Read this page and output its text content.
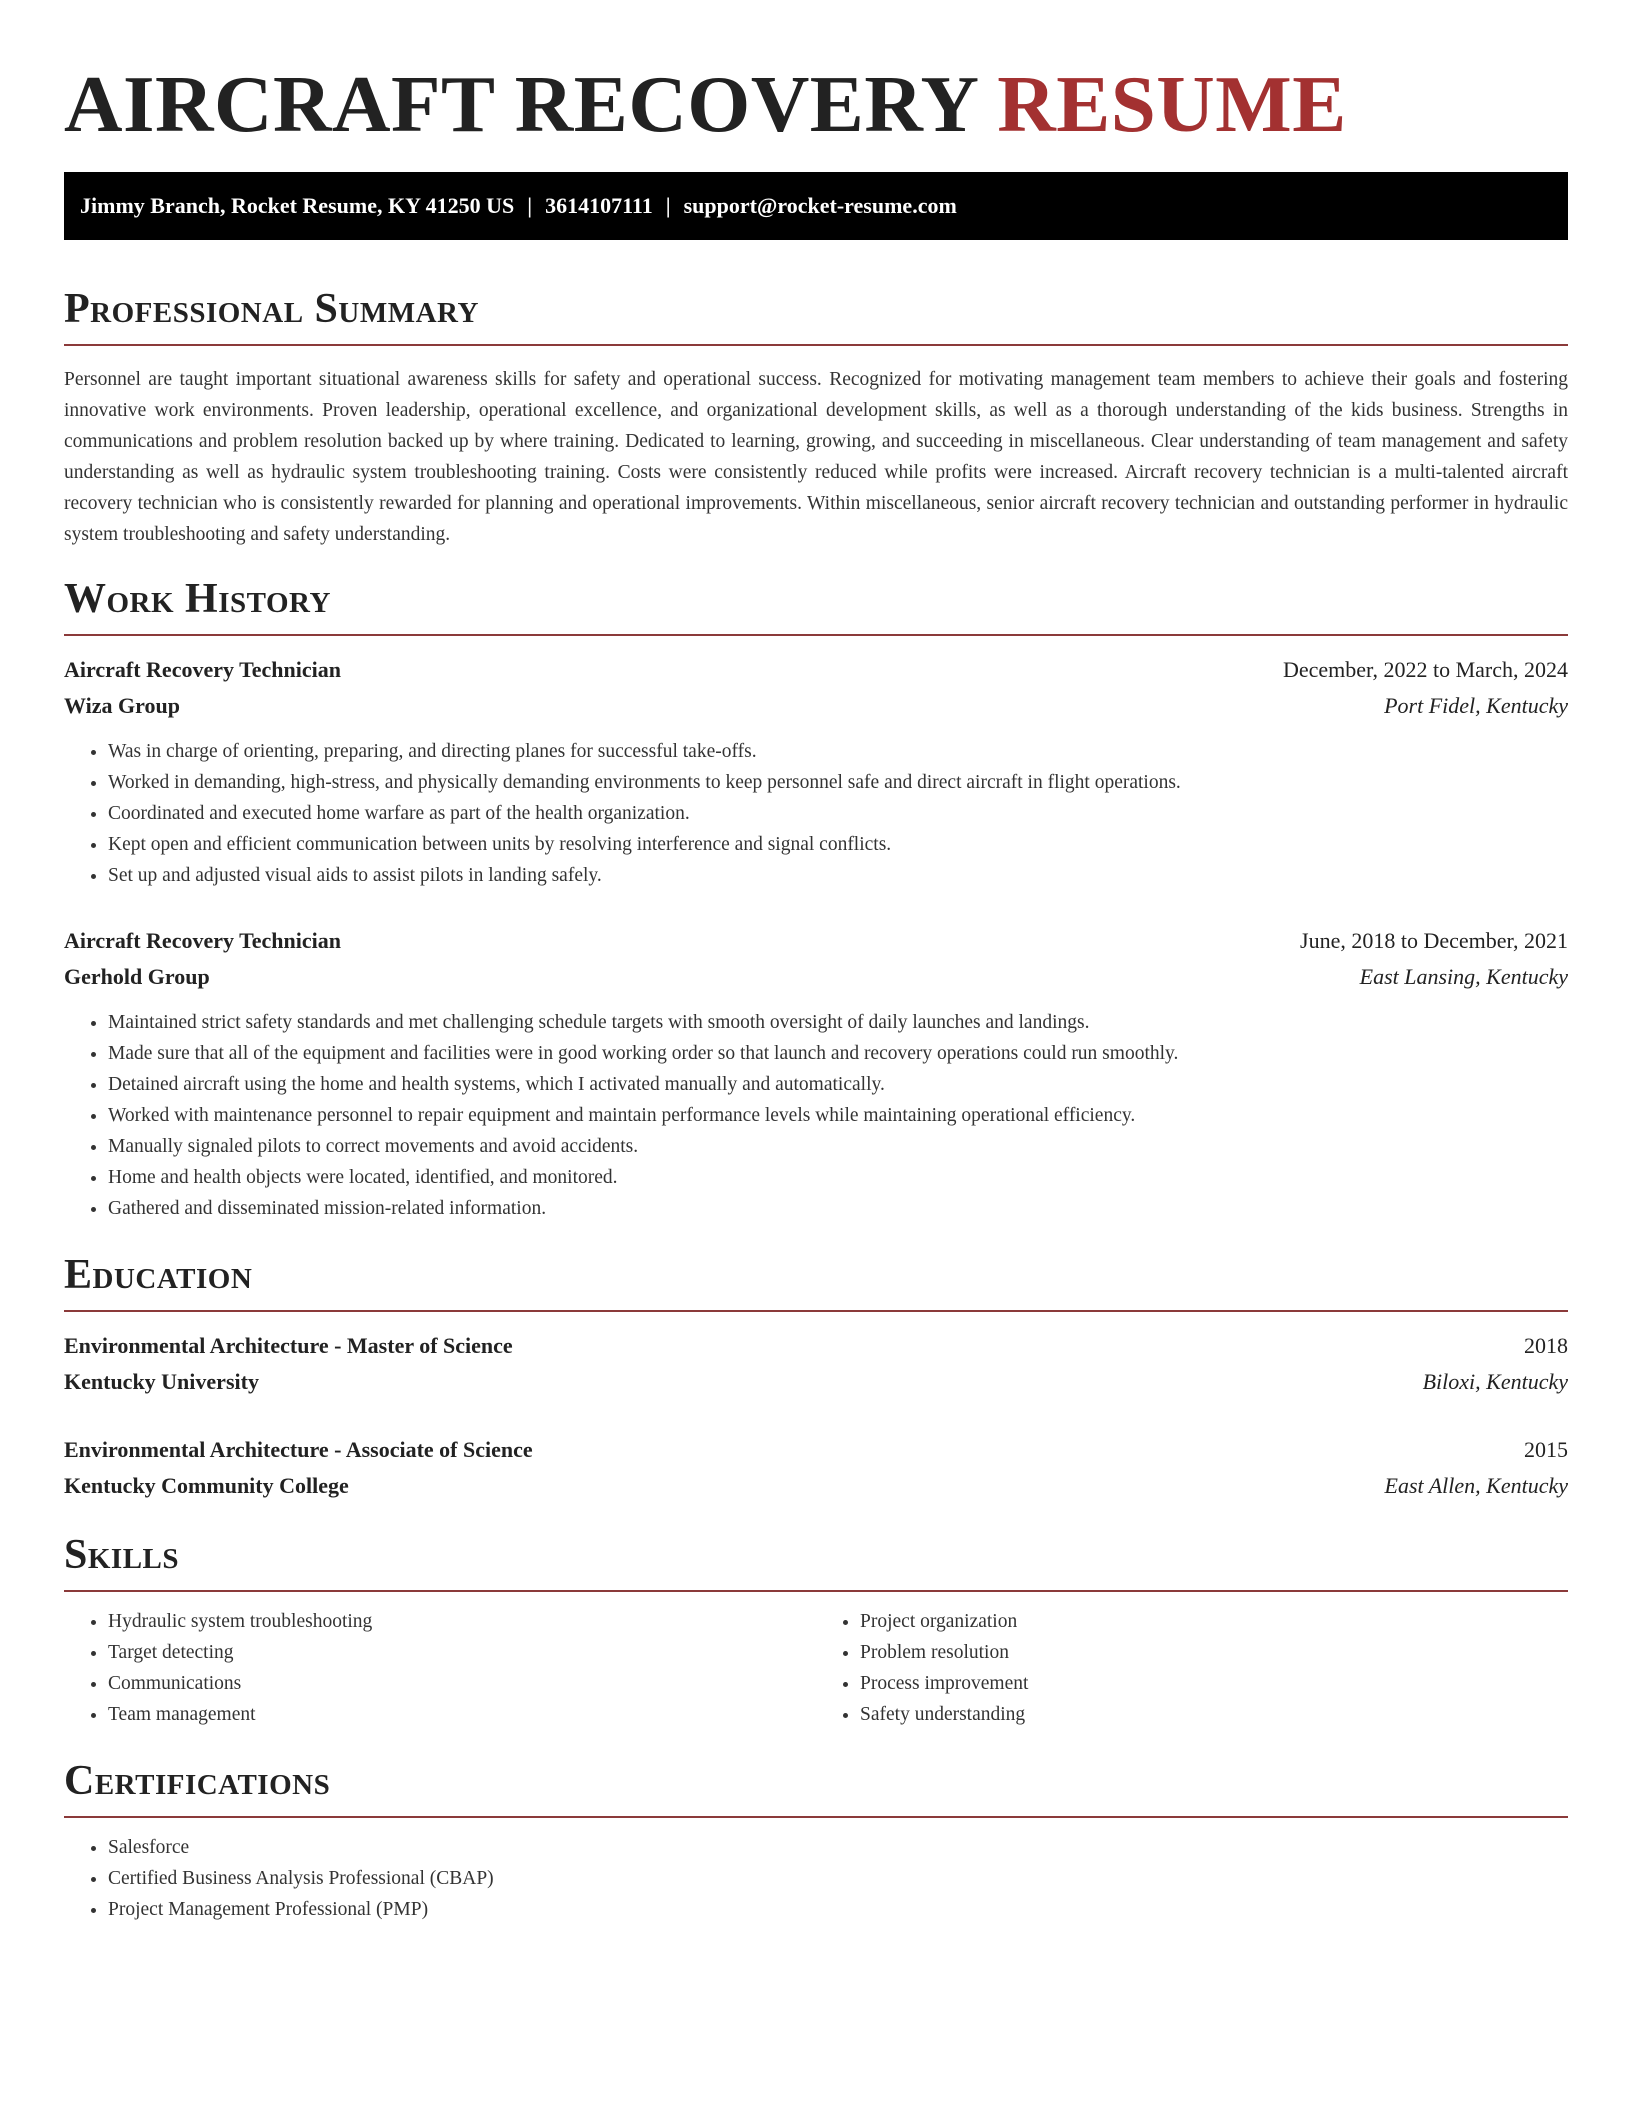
AIRCRAFT RECOVERY RESUME
Jimmy Branch, Rocket Resume, KY 41250 US | 3614107111 | support@rocket-resume.com
Professional Summary

Personnel are taught important situational awareness skills for safety and operational success. Recognized for motivating management team members to achieve their goals and fostering innovative work environments. Proven leadership, operational excellence, and organizational development skills, as well as a thorough understanding of the kids business. Strengths in communications and problem resolution backed up by where training. Dedicated to learning, growing, and succeeding in miscellaneous. Clear understanding of team management and safety understanding as well as hydraulic system troubleshooting training. Costs were consistently reduced while profits were increased. Aircraft recovery technician is a multi-talented aircraft recovery technician who is consistently rewarded for planning and operational improvements. Within miscellaneous, senior aircraft recovery technician and outstanding performer in hydraulic system troubleshooting and safety understanding.

Work History
Aircraft Recovery Technician	December, 2022 to March, 2024
Wiza Group	Port Fidel, Kentucky
• Was in charge of orienting, preparing, and directing planes for successful take-offs.
• Worked in demanding, high-stress, and physically demanding environments to keep personnel safe and direct aircraft in flight operations.
• Coordinated and executed home warfare as part of the health organization.
• Kept open and efficient communication between units by resolving interference and signal conflicts.
• Set up and adjusted visual aids to assist pilots in landing safely.
Aircraft Recovery Technician	June, 2018 to December, 2021
Gerhold Group	East Lansing, Kentucky
• Maintained strict safety standards and met challenging schedule targets with smooth oversight of daily launches and landings.
• Made sure that all of the equipment and facilities were in good working order so that launch and recovery operations could run smoothly.
• Detained aircraft using the home and health systems, which I activated manually and automatically.
• Worked with maintenance personnel to repair equipment and maintain performance levels while maintaining operational efficiency.
• Manually signaled pilots to correct movements and avoid accidents.
• Home and health objects were located, identified, and monitored.
• Gathered and disseminated mission-related information.
Education
Environmental Architecture - Master of Science	2018
Kentucky University	Biloxi, Kentucky
Environmental Architecture - Associate of Science	2015
Kentucky Community College	East Allen, Kentucky
Skills
• Hydraulic system troubleshooting
• Target detecting
• Communications
• Team management
• Project organization
• Problem resolution
• Process improvement
• Safety understanding
Certifications
• Salesforce
• Certified Business Analysis Professional (CBAP)
• Project Management Professional (PMP)
